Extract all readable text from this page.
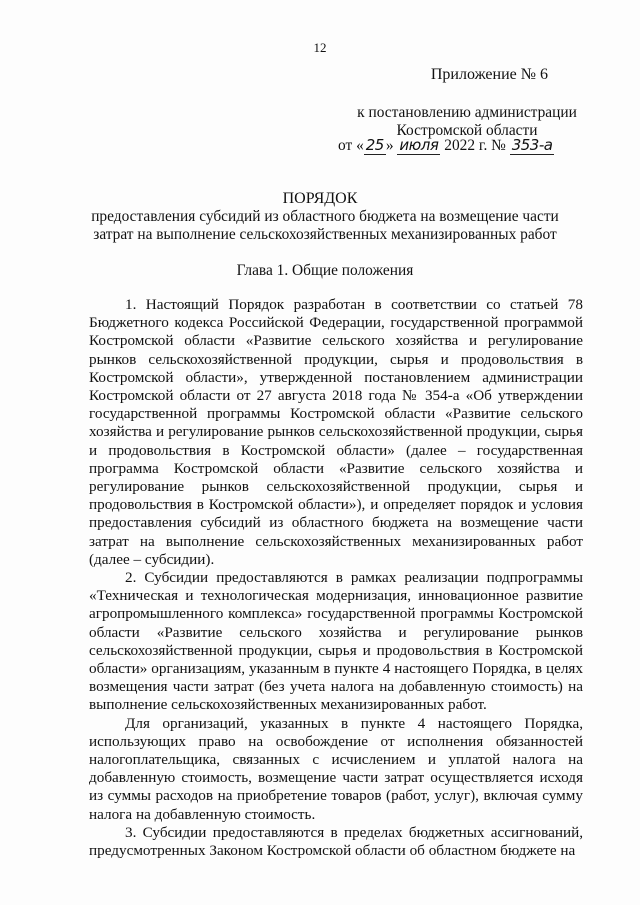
12
Приложение № 6
к постановлению администрации
Костромской области
от « 25 » июля 2022 г. № 353-а
ПОРЯДОК
предоставления субсидий из областного бюджета на возмещение части
затрат на выполнение сельскохозяйственных механизированных работ
Глава 1. Общие положения

1. Настоящий Порядок разработан в соответствии со статьей 78 Бюджетного кодекса Российской Федерации, государственной программой Костромской области «Развитие сельского хозяйства и регулирование рынков сельскохозяйственной продукции, сырья и продовольствия в Костромской области», утвержденной постановлением администрации Костромской области от 27 августа 2018 года № 354-а «Об утверждении государственной программы Костромской области «Развитие сельского хозяйства и регулирование рынков сельскохозяйственной продукции, сырья и продовольствия в Костромской области» (далее – государственная программа Костромской области «Развитие сельского хозяйства и регулирование рынков сельскохозяйственной продукции, сырья и продовольствия в Костромской области»), и определяет порядок и условия предоставления субсидий из областного бюджета на возмещение части затрат на выполнение сельскохозяйственных механизированных работ (далее – субсидии).

2. Субсидии предоставляются в рамках реализации подпрограммы «Техническая и технологическая модернизация, инновационное развитие агропромышленного комплекса» государственной программы Костромской области «Развитие сельского хозяйства и регулирование рынков сельскохозяйственной продукции, сырья и продовольствия в Костромской области» организациям, указанным в пункте 4 настоящего Порядка, в целях возмещения части затрат (без учета налога на добавленную стоимость) на выполнение сельскохозяйственных механизированных работ.

Для организаций, указанных в пункте 4 настоящего Порядка, использующих право на освобождение от исполнения обязанностей налогоплательщика, связанных с исчислением и уплатой налога на добавленную стоимость, возмещение части затрат осуществляется исходя из суммы расходов на приобретение товаров (работ, услуг), включая сумму налога на добавленную стоимость.

3. Субсидии предоставляются в пределах бюджетных ассигнований, предусмотренных Законом Костромской области об областном бюджете на
